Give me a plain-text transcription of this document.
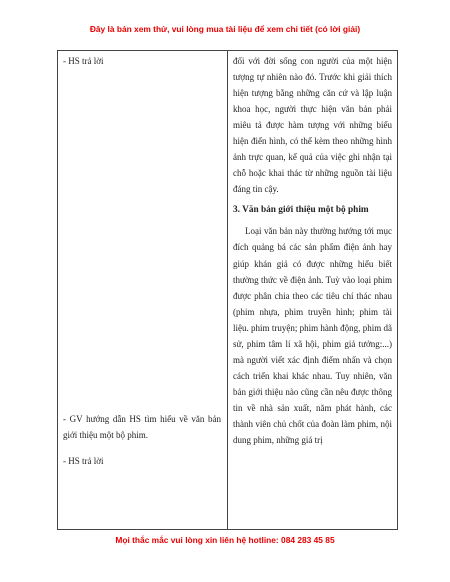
Đây là bản xem thử, vui lòng mua tài liệu để xem chi tiết (có lời giải)

- HS trả lời

- GV hướng dẫn HS tìm hiểu về văn bản giới thiệu một bộ phim.

- HS trả lời

đối với đời sống con người của một hiện tượng tự nhiên nào đó. Trước khi giải thích hiện tượng bằng những căn cứ và lập luận khoa học, người thực hiện văn bản phải miêu tả được hàm tượng với những biểu hiện điển hình, có thể kèm theo những hình ảnh trực quan, kể quả của việc ghi nhận tại chỗ hoặc khai thác từ những nguồn tài liệu đáng tin cậy.

3. Văn bản giới thiệu một bộ phim

Loại văn bản này thường hướng tới mục đích quảng bá các sản phẩm điện ảnh hay giúp khán giả có được những hiểu biết thường thức về điện ảnh. Tuỳ vào loại phim được phân chia theo các tiêu chí thác nhau (phim nhựa, phim truyền hình; phim tài liệu. phim truyện; phim hành động, phim dã sử, phim tâm lí xã hội, phim giả tưởng:...) mà người viết xác định điểm nhấn và chọn cách triển khai khác nhau. Tuy nhiên, văn bản giới thiệu nào cũng cần nêu được thông tin về nhà sản xuất, năm phát hành, các thành viên chủ chốt của đoàn làm phim, nội dung phim, những giá trị

Mọi thắc mắc vui lòng xin liên hệ hotline: 084 283 45 85
